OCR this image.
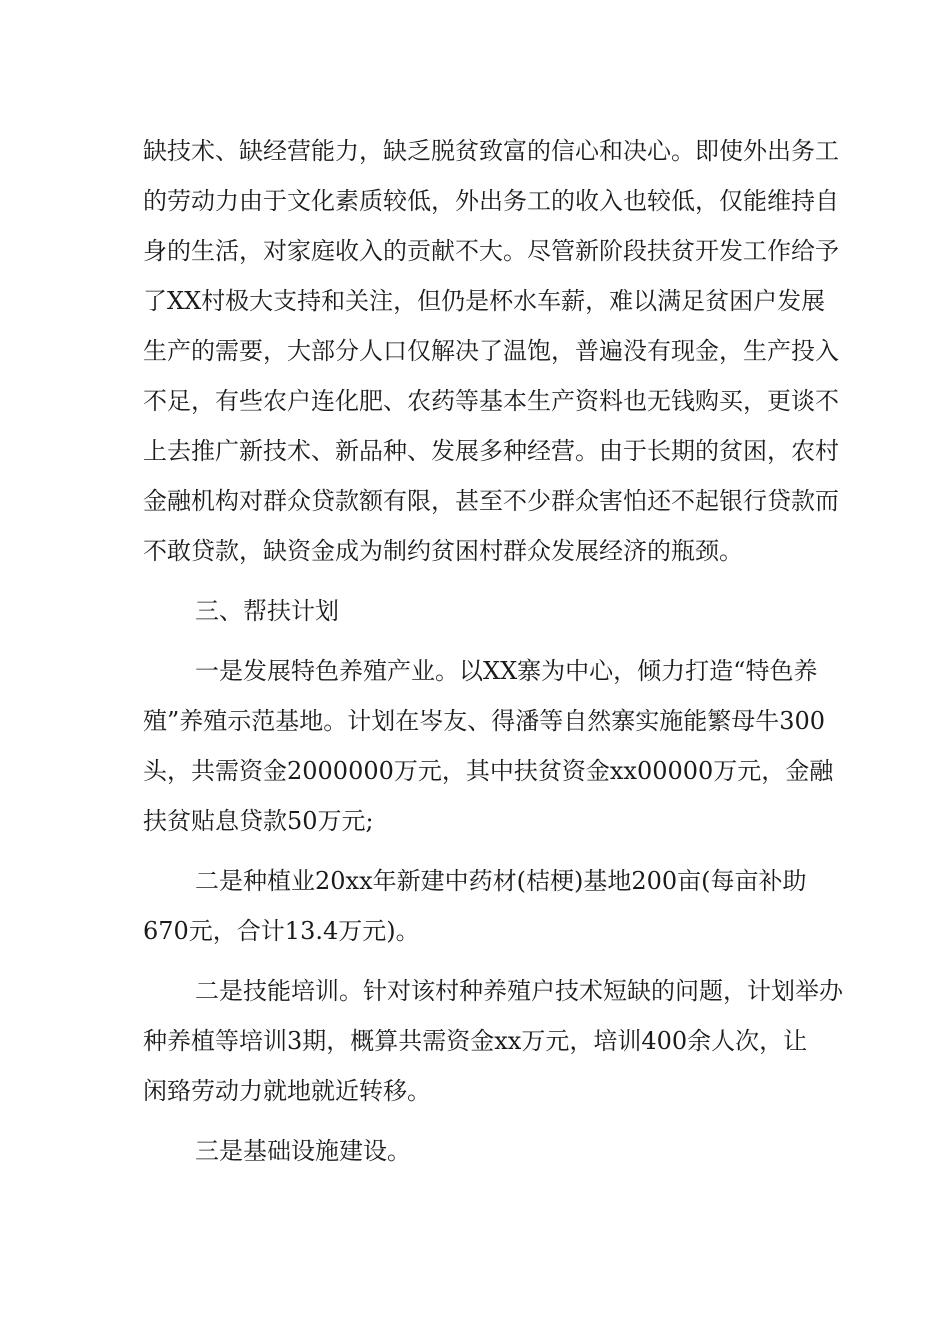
缺技术、缺经营能力，缺乏脱贫致富的信心和决心。即使外出务工
的劳动力由于文化素质较低，外出务工的收入也较低，仅能维持自
身的生活，对家庭收入的贡献不大。尽管新阶段扶贫开发工作给予
了XX村极大支持和关注，但仍是杯水车薪，难以满足贫困户发展
生产的需要，大部分人口仅解决了温饱，普遍没有现金，生产投入
不足，有些农户连化肥、农药等基本生产资料也无钱购买，更谈不
上去推广新技术、新品种、发展多种经营。由于长期的贫困，农村
金融机构对群众贷款额有限，甚至不少群众害怕还不起银行贷款而
不敢贷款，缺资金成为制约贫困村群众发展经济的瓶颈。
三、帮扶计划
一是发展特色养殖产业。以XX寨为中心，倾力打造“特色养
殖”养殖示范基地。计划在岑友、得潘等自然寨实施能繁母牛300
头，共需资金2000000万元，其中扶贫资金xx00000万元，金融
扶贫贴息贷款50万元;
二是种植业20xx年新建中药材(桔梗)基地200亩(每亩补助
670元，合计13.4万元)。
二是技能培训。针对该村种养殖户技术短缺的问题，计划举办
种养植等培训3期，概算共需资金xx万元，培训400余人次，让
闲臵劳动力就地就近转移。
三是基础设施建设。
